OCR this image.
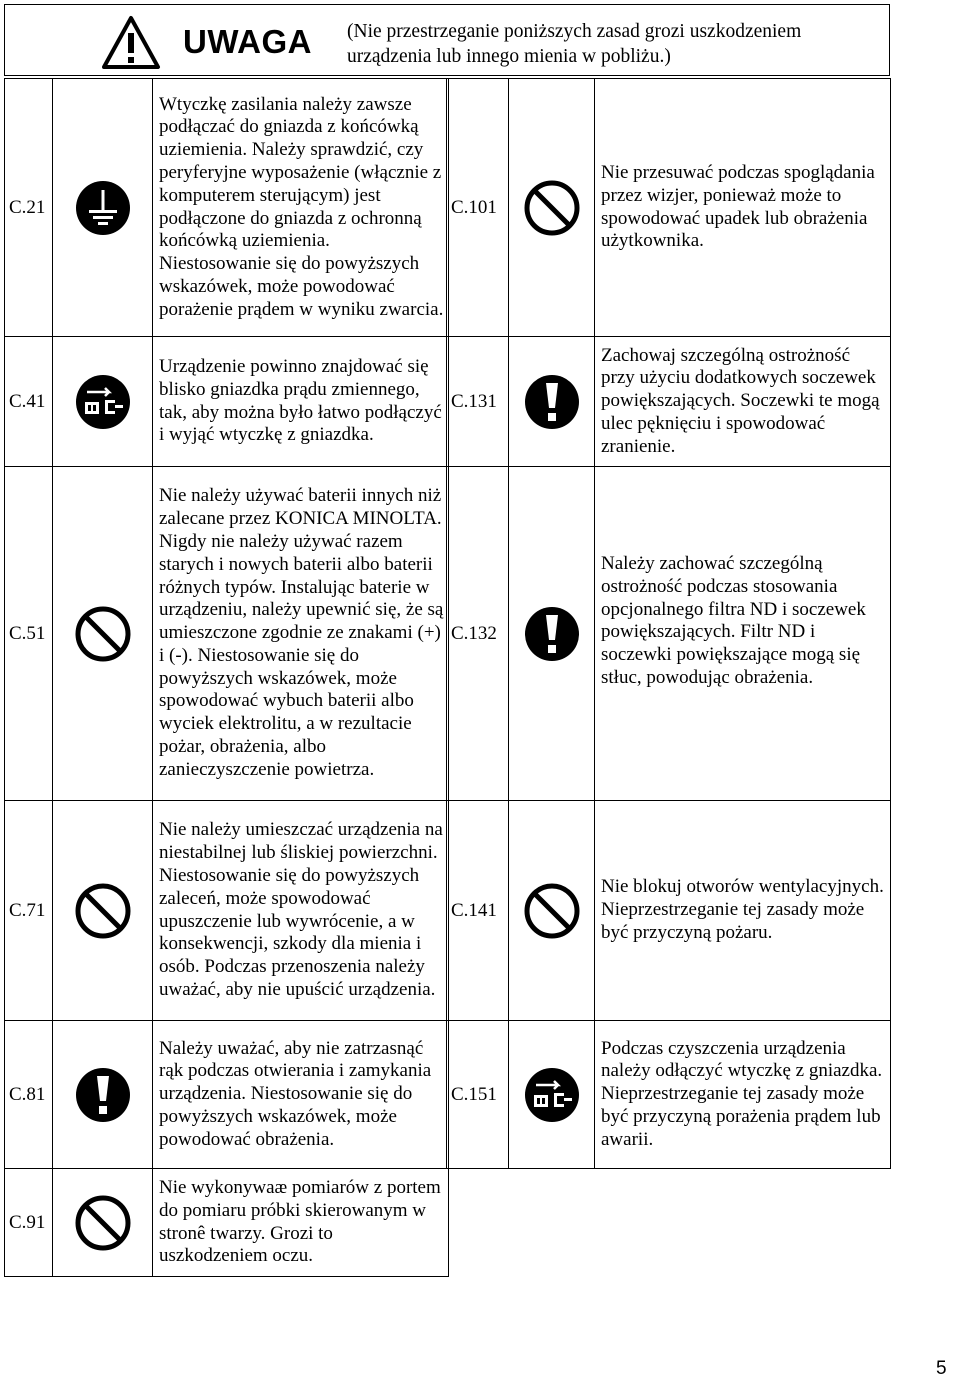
UWAGA (Nie przestrzeganie poniższych zasad grozi uszkodzeniem urządzenia lub innego mienia w pobliżu.)
C.21		Wtyczkę zasilania należy zawsze podłączać do gniazda z końcówką uziemienia. Należy sprawdzić, czy peryferyjne wyposażenie (włącznie z komputerem sterującym) jest podłączone do gniazda z ochronną końcówką uziemienia. Niestosowanie się do powyższych wskazówek, może powodować porażenie prądem w wyniku zwarcia.
C.41		Urządzenie powinno znajdować się blisko gniazdka prądu zmiennego, tak, aby można było łatwo podłączyć i wyjąć wtyczkę z gniazdka.
C.51		Nie należy używać baterii innych niż zalecane przez KONICA MINOLTA. Nigdy nie należy używać razem starych i nowych baterii albo baterii różnych typów. Instalując baterie w urządzeniu, należy upewnić się, że są umieszczone zgodnie ze znakami (+) i (-). Niestosowanie się do powyższych wskazówek, może spowodować wybuch baterii albo wyciek elektrolitu, a w rezultacie pożar, obrażenia, albo zanieczyszczenie powietrza.
C.71		Nie należy umieszczać urządzenia na niestabilnej lub śliskiej powierzchni. Niestosowanie się do powyższych zaleceń, może spowodować upuszczenie lub wywrócenie, a w konsekwencji, szkody dla mienia i osób. Podczas przenoszenia należy uważać, aby nie upuścić urządzenia.
C.81		Należy uważać, aby nie zatrzasnąć rąk podczas otwierania i zamykania urządzenia. Niestosowanie się do powyższych wskazówek, może powodować obrażenia.
C.91		Nie wykonywaæ pomiarów z portem do pomiaru próbki skierowanym w stronê twarzy. Grozi to uszkodzeniem oczu.
C.101		Nie przesuwać podczas spoglądania przez wizjer, ponieważ może to spowodować upadek lub obrażenia użytkownika.
C.131		Zachowaj szczególną ostrożność przy użyciu dodatkowych soczewek powiększających. Soczewki te mogą ulec pęknięciu i spowodować zranienie.
C.132		Należy zachować szczególną ostrożność podczas stosowania opcjonalnego filtra ND i soczewek powiększających. Filtr ND i soczewki powiększające mogą się stłuc, powodując obrażenia.
C.141		Nie blokuj otworów wentylacyjnych. Nieprzestrzeganie tej zasady może być przyczyną pożaru.
C.151		Podczas czyszczenia urządzenia należy odłączyć wtyczkę z gniazdka. Nieprzestrzeganie tej zasady może być przyczyną porażenia prądem lub awarii.
5
